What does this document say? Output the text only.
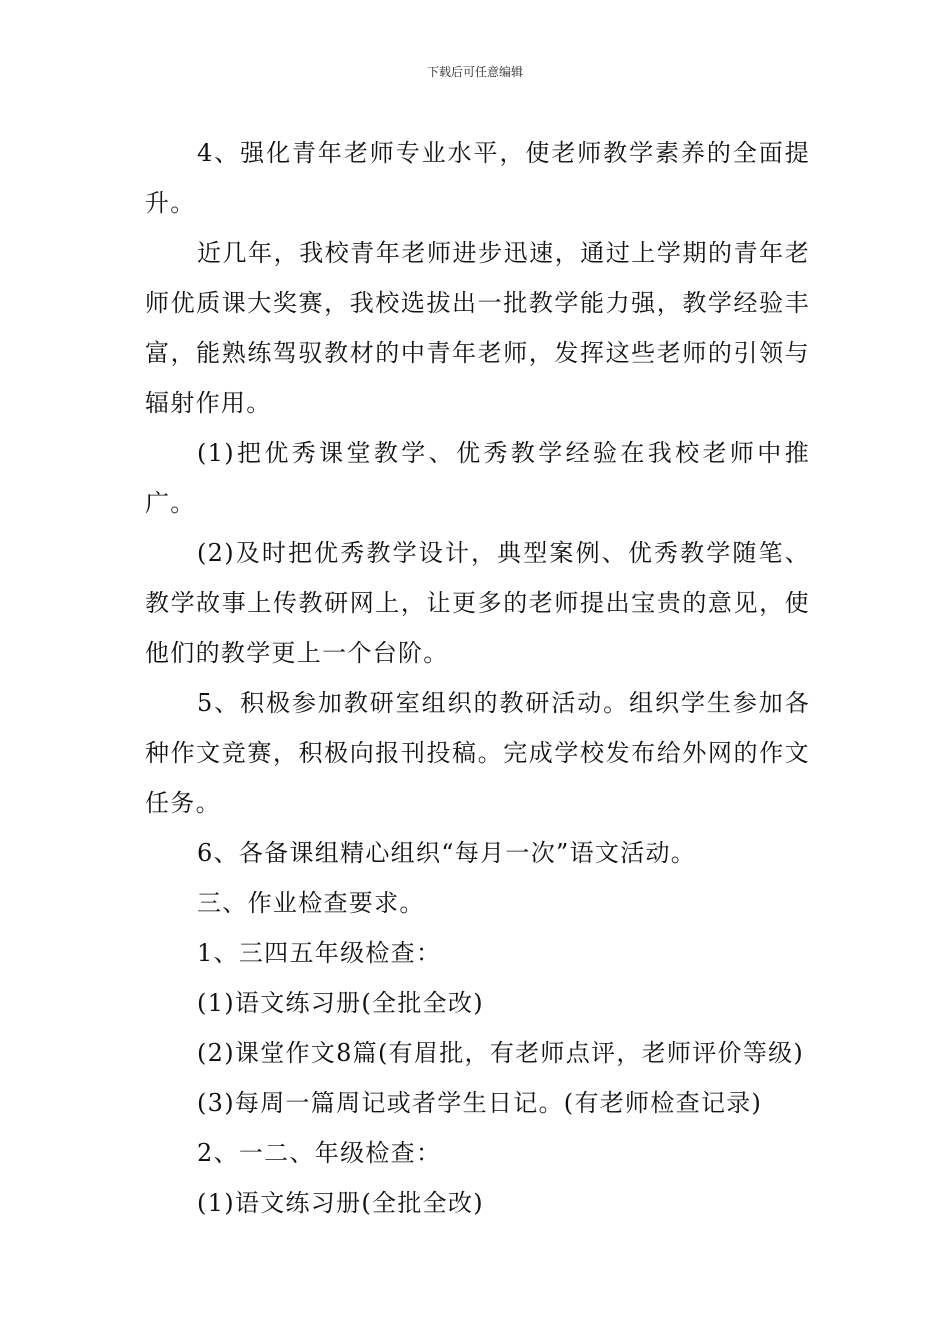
下载后可任意编辑

4、强化青年老师专业水平，使老师教学素养的全面提升。

近几年，我校青年老师进步迅速，通过上学期的青年老师优质课大奖赛，我校选拔出一批教学能力强，教学经验丰富，能熟练驾驭教材的中青年老师，发挥这些老师的引领与辐射作用。

(1)把优秀课堂教学、优秀教学经验在我校老师中推广。

(2)及时把优秀教学设计，典型案例、优秀教学随笔、教学故事上传教研网上，让更多的老师提出宝贵的意见，使他们的教学更上一个台阶。

5、积极参加教研室组织的教研活动。组织学生参加各种作文竞赛，积极向报刊投稿。完成学校发布给外网的作文任务。

6、各备课组精心组织“每月一次”语文活动。

三、作业检查要求。

1、三四五年级检查：

(1)语文练习册(全批全改)

(2)课堂作文8篇(有眉批，有老师点评，老师评价等级)

(3)每周一篇周记或者学生日记。(有老师检查记录)

2、一二、年级检查：

(1)语文练习册(全批全改)
